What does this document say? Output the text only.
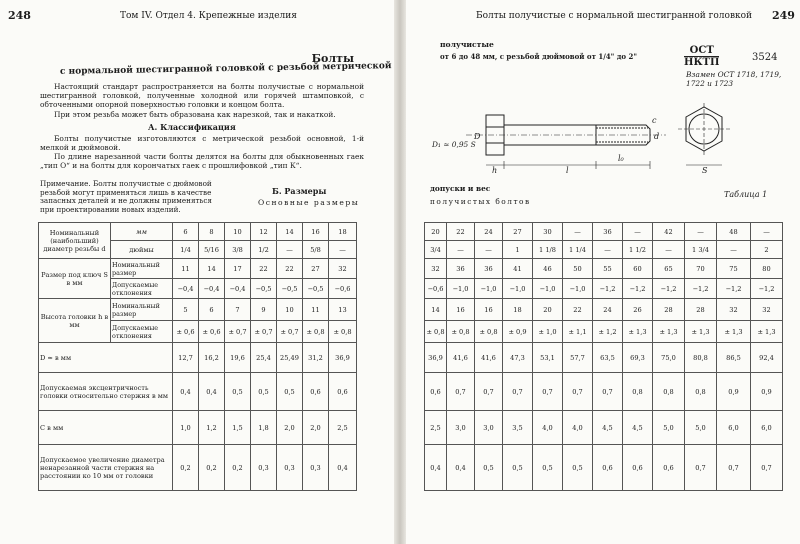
248	Том IV. Отдел 4. Крепежные изделия
Болты
с нормальной шестигранной головкой с резьбой метрической

Настоящий стандарт распространяется на болты получистые с нормальной шестигранной головкой, полученные холодной или горячей штамповкой, с обточенными опорной поверхностью головки и концом болта.

При этом резьба может быть образована как нарезкой, так и накаткой.

А. Классификация

Болты получистые изготовляются с метрической резьбой основной, 1-й мелкой и дюймовой.

По длине нарезанной части болты делятся на болты для обыкновенных гаек „тип О“ и на болты для корончатых гаек с прошлифовкой „тип К“.

Примечание. Болты получистые с дюймовой резьбой могут применяться лишь в качестве запасных деталей и не должны применяться при проектировании новых изделий.

Б. Размеры
Основные размеры
Номинальный (наибольший) диаметр резьбы d	мм	6	8	10	12	14	16	18
	дюймы	1/4	5/16	3/8	1/2	—	5/8	—
Размер под ключ S в мм	Номинальный размер	11	14	17	22	22	27	32
	Допускаемые отклонения	−0,4	−0,4	−0,4	−0,5	−0,5	−0,5	−0,6
Высота головки h в мм	Номинальный размер	5	6	7	9	10	11	13
	Допускаемые отклонения	± 0,6	± 0,6	± 0,7	± 0,7	± 0,7	± 0,8	± 0,8
D ≈ в мм		12,7	16,2	19,6	25,4	25,49	31,2	36,9
Допускаемая эксцентричность головки относительно стержня в мм		0,4	0,4	0,5	0,5	0,5	0,6	0,6
С в мм		1,0	1,2	1,5	1,8	2,0	2,0	2,5
Допускаемое увеличение диаметра ненарезанной части стержня на расстоянии ко 10 мм от головки		0,2	0,2	0,2	0,3	0,3	0,3	0,4
Болты получистые с нормальной шестигранной головкой 249
получистые
от 6 до 48 мм, с резьбой дюймовой от 1/4" до 2"
ОСТ
НКТП	3524
Взамен ОСТ 1718, 1719, 1722 и 1723
h	l
l₀
c
S
D	d
D₁ ≈ 0,95 S
допуски и вес
получистых болтов
Таблица 1
20	22	24	27	30	—	36	—	42	—	48	—
3/4	—	—	1	1 1/8	1 1/4	—	1 1/2	—	1 3/4	—	2
32	36	36	41	46	50	55	60	65	70	75	80
−0,6	−1,0	−1,0	−1,0	−1,0	−1,0	−1,2	−1,2	−1,2	−1,2	−1,2	−1,2
14	16	16	18	20	22	24	26	28	28	32	32
± 0,8	± 0,8	± 0,8	± 0,9	± 1,0	± 1,1	± 1,2	± 1,3	± 1,3	± 1,3	± 1,3	± 1,3
36,9	41,6	41,6	47,3	53,1	57,7	63,5	69,3	75,0	80,8	86,5	92,4
0,6	0,7	0,7	0,7	0,7	0,7	0,7	0,8	0,8	0,8	0,9	0,9
2,5	3,0	3,0	3,5	4,0	4,0	4,5	4,5	5,0	5,0	6,0	6,0
0,4	0,4	0,5	0,5	0,5	0,5	0,6	0,6	0,6	0,7	0,7	0,7
